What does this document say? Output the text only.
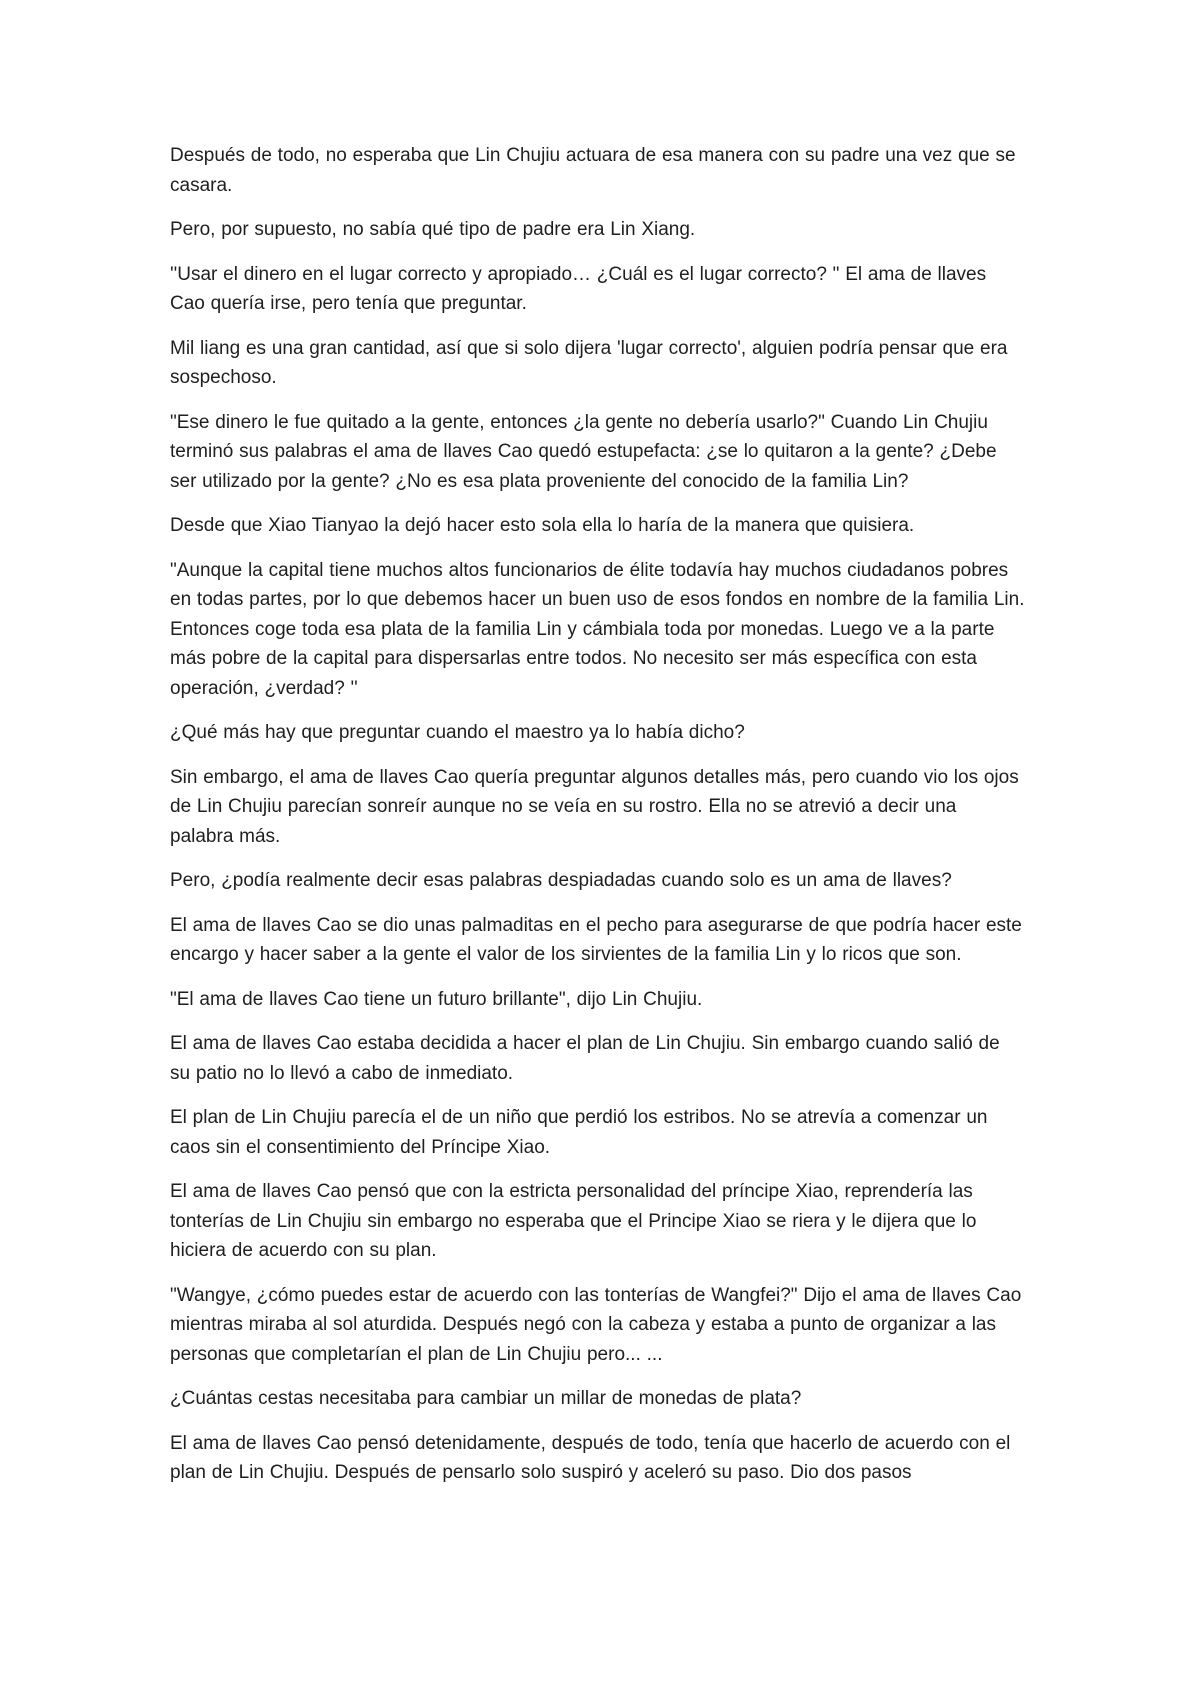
Después de todo, no esperaba que Lin Chujiu actuara de esa manera con su padre una vez que se casara.

Pero, por supuesto, no sabía qué tipo de padre era Lin Xiang.

''Usar el dinero en el lugar correcto y apropiado… ¿Cuál es el lugar correcto? " El ama de llaves Cao quería irse, pero tenía que preguntar.

Mil liang es una gran cantidad, así que si solo dijera 'lugar correcto', alguien podría pensar que era sospechoso.

"Ese dinero le fue quitado a la gente, entonces ¿la gente no debería usarlo?" Cuando Lin Chujiu terminó sus palabras el ama de llaves Cao quedó estupefacta: ¿se lo quitaron a la gente? ¿Debe ser utilizado por la gente? ¿No es esa plata proveniente del conocido de la familia Lin?

Desde que Xiao Tianyao la dejó hacer esto sola ella lo haría de la manera que quisiera.

"Aunque la capital tiene muchos altos funcionarios de élite todavía hay muchos ciudadanos pobres en todas partes, por lo que debemos hacer un buen uso de esos fondos en nombre de la familia Lin. Entonces coge toda esa plata de la familia Lin y cámbiala toda por monedas. Luego ve a la parte más pobre de la capital para dispersarlas entre todos. No necesito ser más específica con esta operación, ¿verdad? ''

¿Qué más hay que preguntar cuando el maestro ya lo había dicho?

Sin embargo, el ama de llaves Cao quería preguntar algunos detalles más, pero cuando vio los ojos de Lin Chujiu parecían sonreír aunque no se veía en su rostro. Ella no se atrevió a decir una palabra más.

Pero, ¿podía realmente decir esas palabras despiadadas cuando solo es un ama de llaves?

El ama de llaves Cao se dio unas palmaditas en el pecho para asegurarse de que podría hacer este encargo y hacer saber a la gente el valor de los sirvientes de la familia Lin y lo ricos que son.

"El ama de llaves Cao tiene un futuro brillante", dijo Lin Chujiu.

El ama de llaves Cao estaba decidida a hacer el plan de Lin Chujiu. Sin embargo cuando salió de su patio no lo llevó a cabo de inmediato.

El plan de Lin Chujiu parecía el de un niño que perdió los estribos. No se atrevía a comenzar un caos sin el consentimiento del Príncipe Xiao.

El ama de llaves Cao pensó que con la estricta personalidad del príncipe Xiao, reprendería las tonterías de Lin Chujiu sin embargo no esperaba que el Principe Xiao se riera y le dijera que lo hiciera de acuerdo con su plan.

"Wangye, ¿cómo puedes estar de acuerdo con las tonterías de Wangfei?" Dijo el ama de llaves Cao mientras miraba al sol aturdida. Después negó con la cabeza y estaba a punto de organizar a las personas que completarían el plan de Lin Chujiu pero... ...

¿Cuántas cestas necesitaba para cambiar un millar de monedas de plata?

El ama de llaves Cao pensó detenidamente, después de todo, tenía que hacerlo de acuerdo con el plan de Lin Chujiu. Después de pensarlo solo suspiró y aceleró su paso. Dio dos pasos
